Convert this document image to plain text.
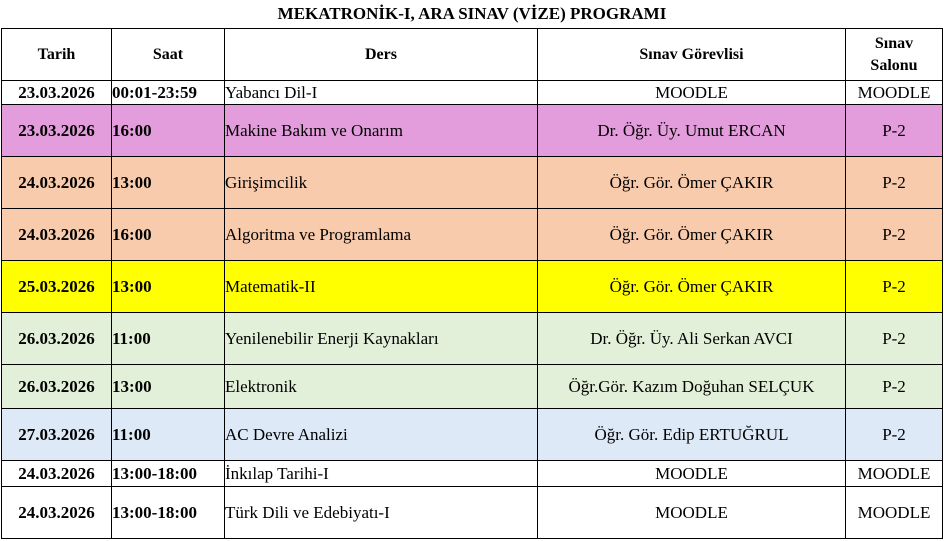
MEKATRONİK-I, ARA SINAV (VİZE) PROGRAMI
Tarih	Saat	Ders	Sınav Görevlisi	Sınav
Salonu
23.03.2026	00:01-23:59	Yabancı Dil-I	MOODLE	MOODLE
23.03.2026	16:00	Makine Bakım ve Onarım	Dr. Öğr. Üy. Umut ERCAN	P-2
24.03.2026	13:00	Girişimcilik	Öğr. Gör. Ömer ÇAKIR	P-2
24.03.2026	16:00	Algoritma ve Programlama	Öğr. Gör. Ömer ÇAKIR	P-2
25.03.2026	13:00	Matematik-II	Öğr. Gör. Ömer ÇAKIR	P-2
26.03.2026	11:00	Yenilenebilir Enerji Kaynakları	Dr. Öğr. Üy. Ali Serkan AVCI	P-2
26.03.2026	13:00	Elektronik	Öğr.Gör. Kazım Doğuhan SELÇUK	P-2
27.03.2026	11:00	AC Devre Analizi	Öğr. Gör. Edip ERTUĞRUL	P-2
24.03.2026	13:00-18:00	İnkılap Tarihi-I	MOODLE	MOODLE
24.03.2026	13:00-18:00	Türk Dili ve Edebiyatı-I	MOODLE	MOODLE
